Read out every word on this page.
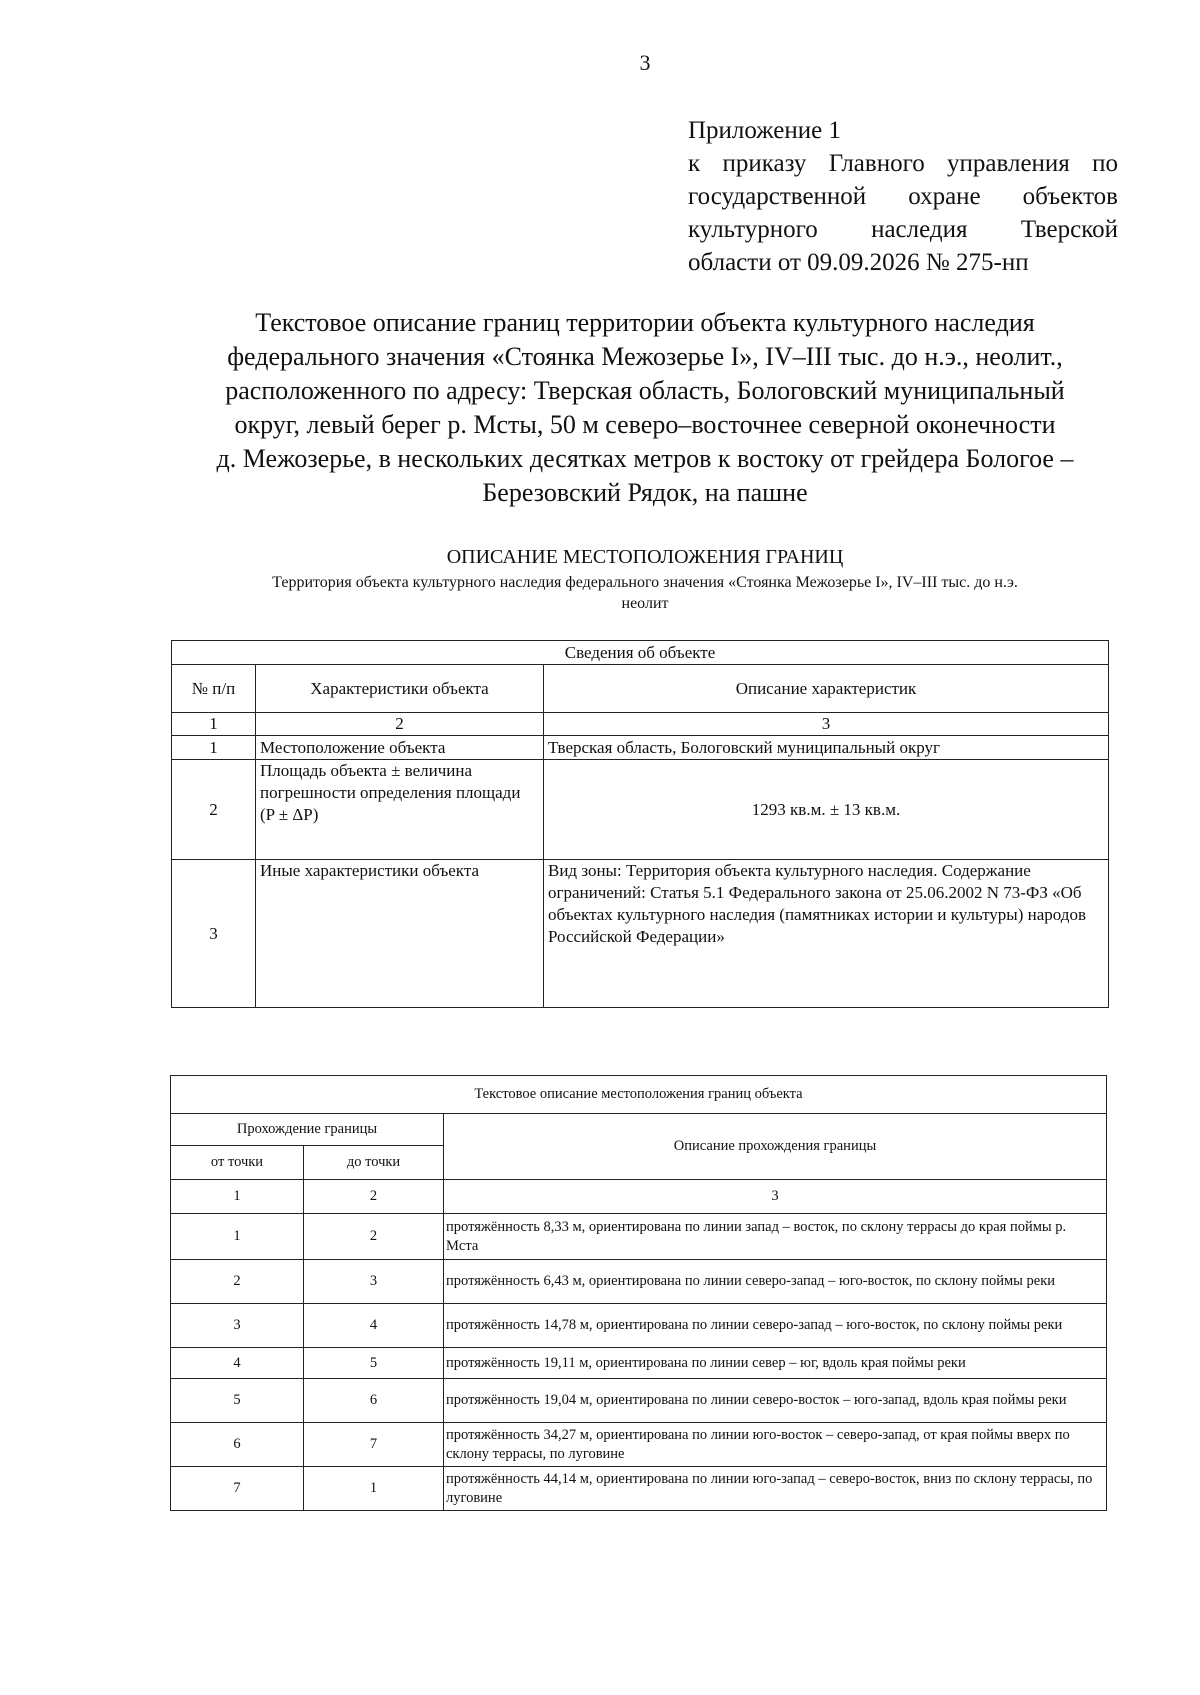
3
Приложение 1
к приказу Главного управления по
государственной охране объектов
культурного наследия Тверской
области от 09.09.2026 № 275-нп
Текстовое описание границ территории объекта культурного наследия
федерального значения «Стоянка Межозерье I», IV–III тыс. до н.э., неолит.,
расположенного по адресу: Тверская область, Бологовский муниципальный
округ, левый берег р. Мсты, 50 м северо–восточнее северной оконечности
д. Межозерье, в нескольких десятках метров к востоку от грейдера Бологое –
Березовский Рядок, на пашне
ОПИСАНИЕ МЕСТОПОЛОЖЕНИЯ ГРАНИЦ
Территория объекта культурного наследия федерального значения «Стоянка Межозерье I», IV–III тыс. до н.э.
неолит
Сведения об объекте		
№ п/п	Характеристики объекта	Описание характеристик
1	2	3
1	Местоположение объекта	Тверская область, Бологовский муниципальный округ
2	Площадь объекта ± величина погрешности определения площади (P ± ΔP)	1293 кв.м. ± 13 кв.м.
3	Иные характеристики объекта	Вид зоны: Территория объекта культурного наследия. Содержание ограничений: Статья 5.1 Федерального закона от 25.06.2002 N 73-ФЗ «Об объектах культурного наследия (памятниках истории и культуры) народов Российской Федерации»
Текстовое описание местоположения границ объекта		
Прохождение границы		Описание прохождения границы
от точки	до точки	
1	2	3
1	2	протяжённость 8,33 м, ориентирована по линии запад – восток, по склону террасы до края поймы р. Мста
2	3	протяжённость 6,43 м, ориентирована по линии северо-запад – юго-восток, по склону поймы реки
3	4	протяжённость 14,78 м, ориентирована по линии северо-запад – юго-восток, по склону поймы реки
4	5	протяжённость 19,11 м, ориентирована по линии север – юг, вдоль края поймы реки
5	6	протяжённость 19,04 м, ориентирована по линии северо-восток – юго-запад, вдоль края поймы реки
6	7	протяжённость 34,27 м, ориентирована по линии юго-восток – северо-запад, от края поймы вверх по склону террасы, по луговине
7	1	протяжённость 44,14 м, ориентирована по линии юго-запад – северо-восток, вниз по склону террасы, по луговине
